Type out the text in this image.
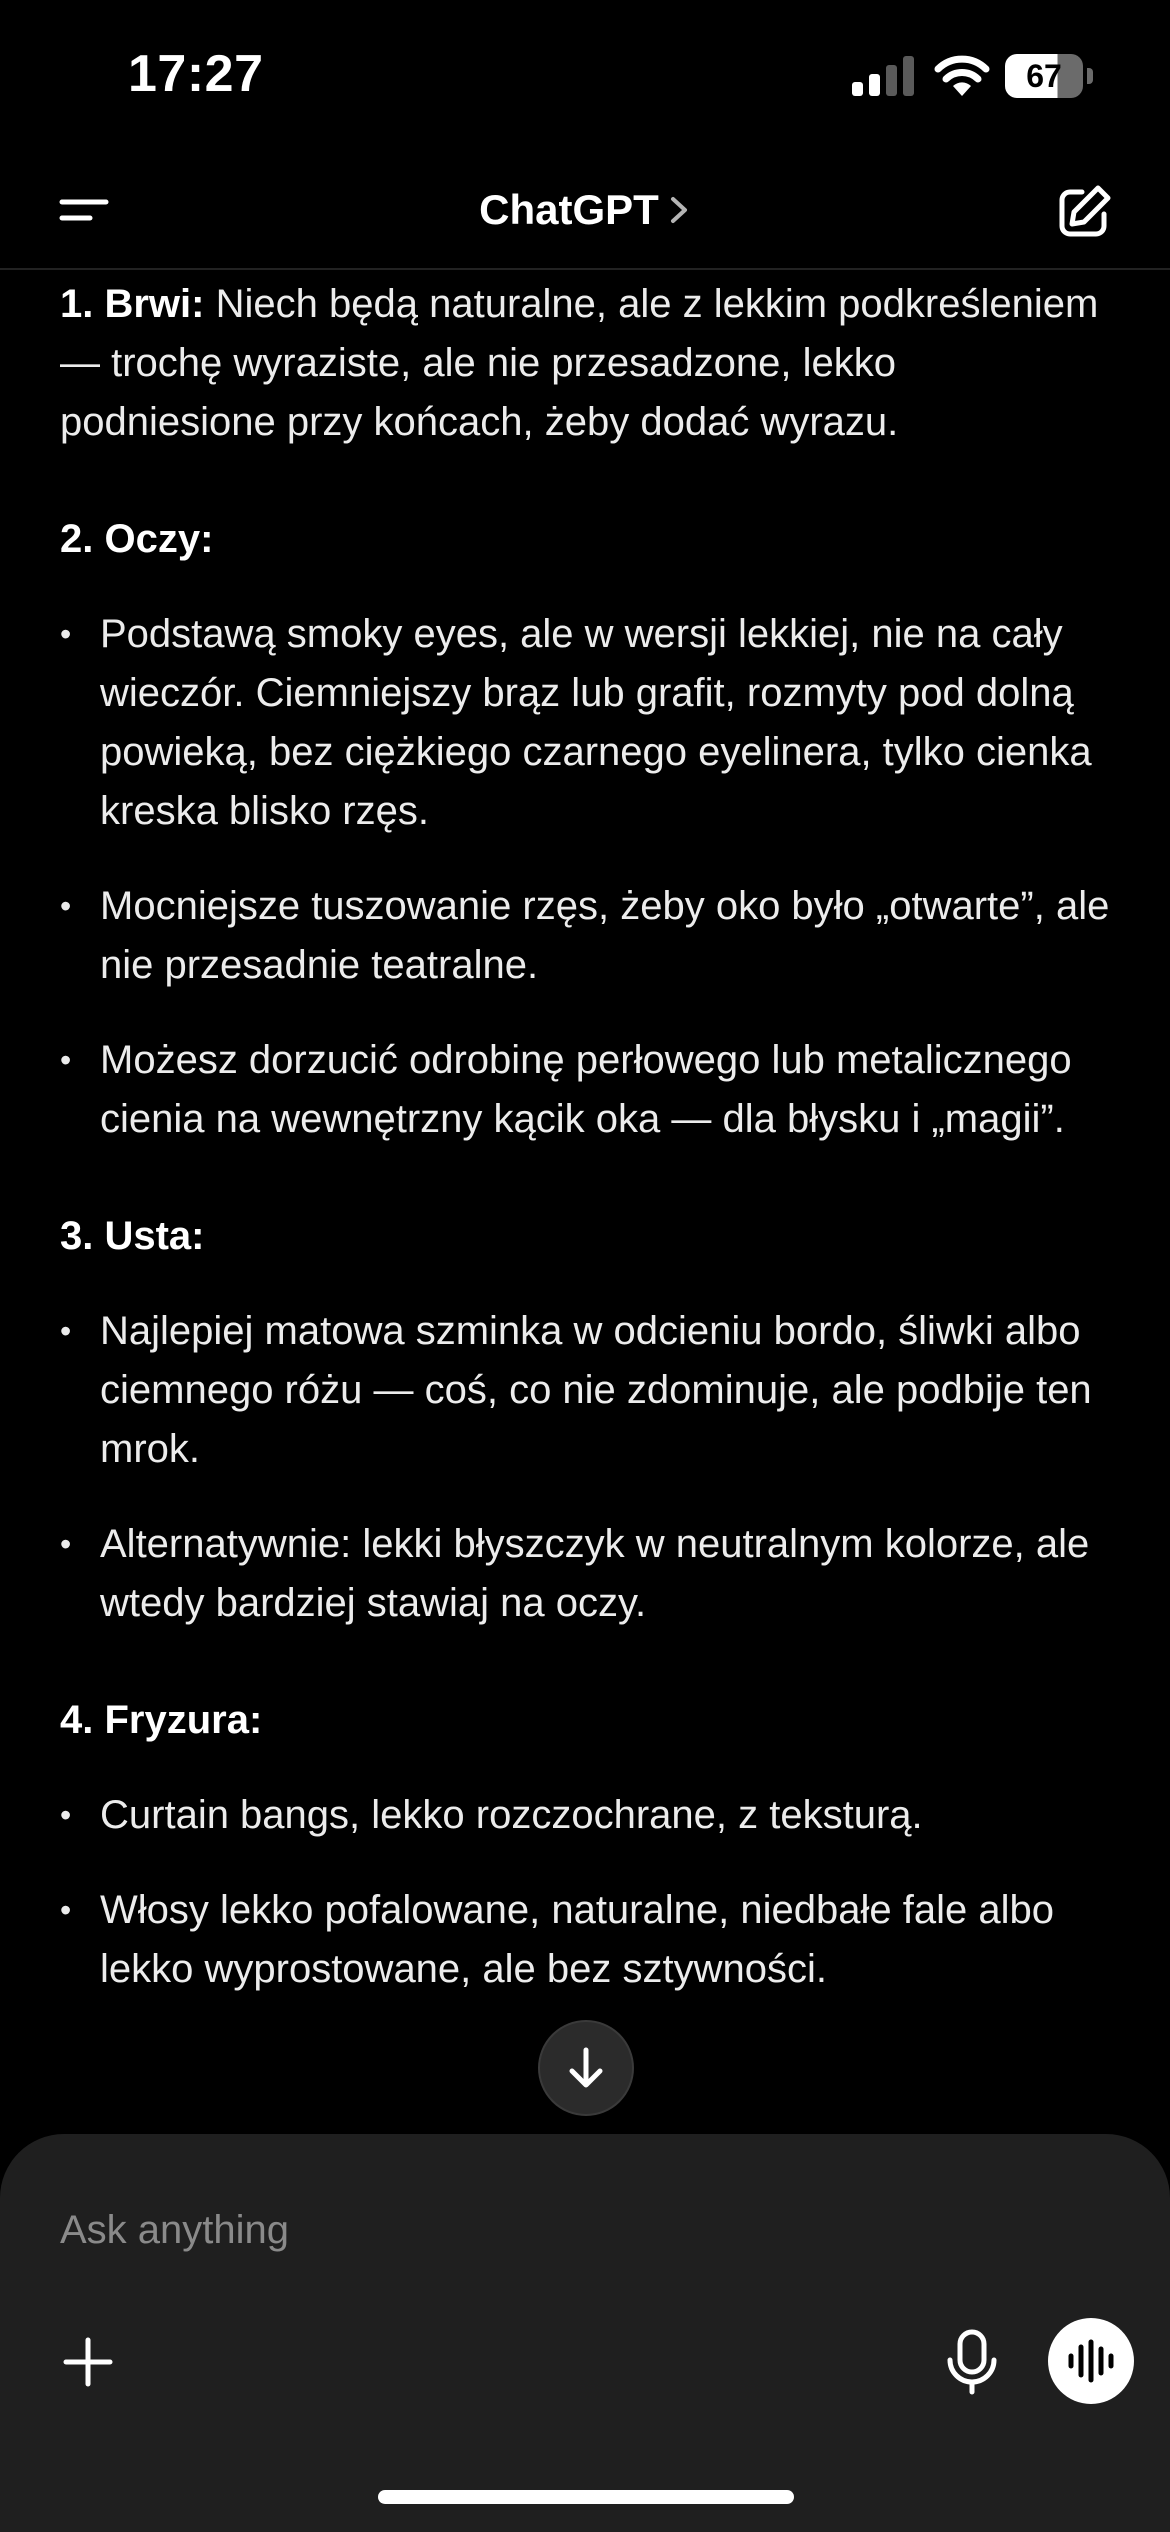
17:27	67
ChatGPT

1. Brwi: Niech będą naturalne, ale z lekkim podkreśleniem — trochę wyraziste, ale nie przesadzone, lekko podniesione przy końcach, żeby dodać wyrazu.

2. Oczy:

• Podstawą smoky eyes, ale w wersji lekkiej, nie na cały wieczór. Ciemniejszy brąz lub grafit, rozmyty pod dolną powieką, bez ciężkiego czarnego eyelinera, tylko cienka kreska blisko rzęs.
• Mocniejsze tuszowanie rzęs, żeby oko było „otwarte”, ale nie przesadnie teatralne.
• Możesz dorzucić odrobinę perłowego lub metalicznego cienia na wewnętrzny kącik oka — dla błysku i „magii”.

3. Usta:

• Najlepiej matowa szminka w odcieniu bordo, śliwki albo ciemnego różu — coś, co nie zdominuje, ale podbije ten mrok.
• Alternatywnie: lekki błyszczyk w neutralnym kolorze, ale wtedy bardziej stawiaj na oczy.

4. Fryzura:

• Curtain bangs, lekko rozczochrane, z teksturą.
• Włosy lekko pofalowane, naturalne, niedbałe fale albo lekko wyprostowane, ale bez sztywności.
Ask anything
